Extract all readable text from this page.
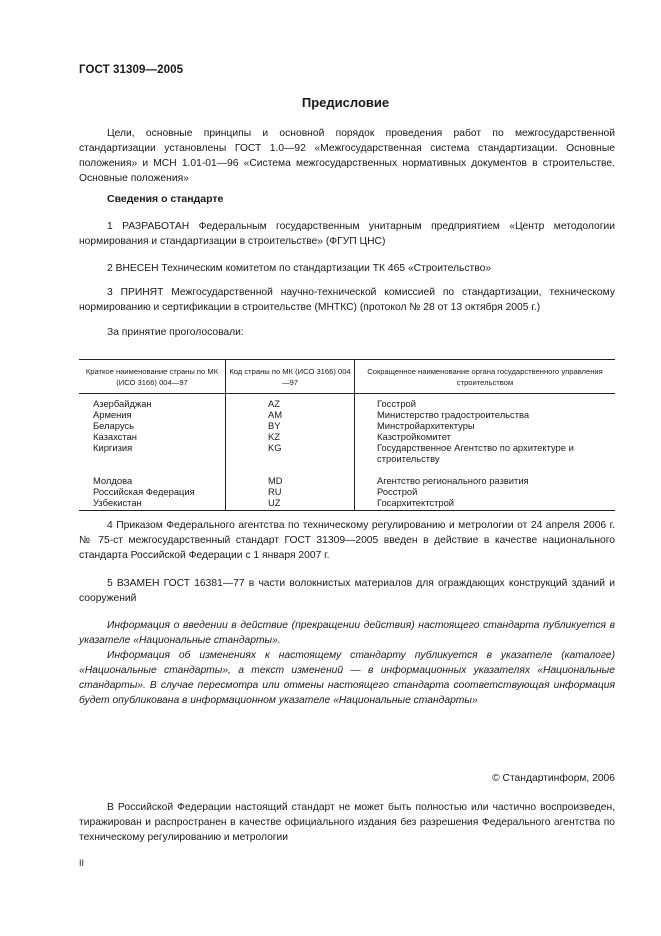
ГОСТ 31309—2005
Предисловие
Цели, основные принципы и основной порядок проведения работ по межгосударственной стандартизации установлены ГОСТ 1.0—92 «Межгосударственная система стандартизации. Основные положения» и МСН 1.01-01—96 «Система межгосударственных нормативных документов в строительстве. Основные положения»
Сведения о стандарте
1 РАЗРАБОТАН Федеральным государственным унитарным предприятием «Центр методологии нормирования и стандартизации в строительстве» (ФГУП ЦНС)
2 ВНЕСЕН Техническим комитетом по стандартизации ТК 465 «Строительство»
3 ПРИНЯТ Межгосударственной научно-технической комиссией по стандартизации, техническому нормированию и сертификации в строительстве (МНТКС) (протокол № 28 от 13 октября 2005 г.)
За принятие проголосовали:
Краткое наименование страны по МК (ИСО 3166) 004—97	Код страны по МК (ИСО 3166) 004—97	Сокращенное наименование органа государственного управления строительством
Азербайджан	AZ	Госстрой
Армения	AM	Министерство градостроительства
Беларусь	BY	Минстройархитектуры
Казахстан	KZ	Казстройкомитет
Киргизия	KG	Государственное Агентство по архитектуре и строительству

Молдова	MD	Агентство регионального развития
Российская Федерация	RU	Росстрой
Узбекистан	UZ	Госархитектстрой
4 Приказом Федерального агентства по техническому регулированию и метрологии от 24 апреля 2006 г. № 75-ст межгосударственный стандарт ГОСТ 31309—2005 введен в действие в качестве национального стандарта Российской Федерации с 1 января 2007 г.
5 ВЗАМЕН ГОСТ 16381—77 в части волокнистых материалов для ограждающих конструкций зданий и сооружений
Информация о введении в действие (прекращении действия) настоящего стандарта публикуется в указателе «Национальные стандарты».
Информация об изменениях к настоящему стандарту публикуется в указателе (каталоге) «Национальные стандарты», а текст изменений — в информационных указателях «Национальные стандарты». В случае пересмотра или отмены настоящего стандарта соответствующая информация будет опубликована в информационном указателе «Национальные стандарты»
© Стандартинформ, 2006
В Российской Федерации настоящий стандарт не может быть полностью или частично воспроизведен, тиражирован и распространен в качестве официального издания без разрешения Федерального агентства по техническому регулированию и метрологии
II
